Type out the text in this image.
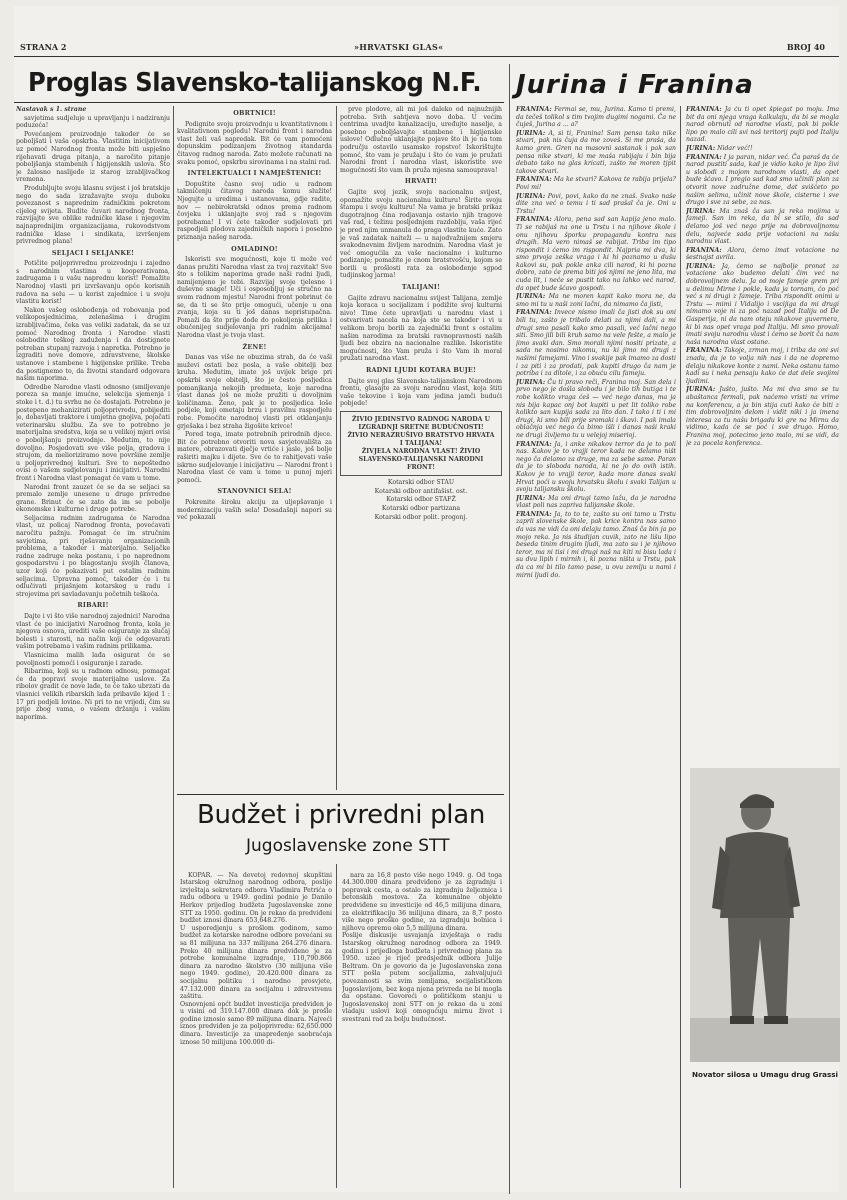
STRANA 2	»HRVATSKI GLAS«	BROJ 40
Proglas Slavensko-talijanskog N.F. Jurina i Franina

Nastavak s 1. strane

savjetima sudjeluje u upravljanju i nadziranju poduzeća!

Povećanjem proizvodnje također će se poboljšati i vaša opskrba. Vlastitim inicijativom uz pomoć Narodnog fronta može biti uspješno rijehavati druga pitanja, a naročito pitanje poboljšanja stambenih i higijenskih uslova. Što je žalosno naslijeđe iz starog izrabljivačkog vremena.

Produbljujte svoju klasnu svijest i još bratskije nego do sada izražavajte svoju duboku povezanost s naprednim radničkim pokretom cijelog svijeta. Budite čuvari narodnog fronta, razvijajte sve oblike radničke klase i njegovim najnaprednijim organizacijama, rukovodstvom radničke klase i sindikata, izvršenjem privrednog plana!

SELJACI I SELJANKE!

Potičite poljoprivrednu proizvodnju i zajedno s narodnim vlastima u kooperativama, zadrugama i u vašu naprednu korist! Pomažite Narodnoj vlasti pri izvršavanju opće korisnih radova na selu — u korist zajednice i u svoju vlastitu korist!

Nakon vašeg oslobođenja od robovanja pod velikoposjednicima, zelenašima i drugim izrabljivačima, čeka vas veliki zadatak, da se uz pomoć Narodnog fronta i Narodne vlasti oslobodite teškog zaduženja i da dostignete potreban stupanj razvoja i napretka. Potrebno je izgraditi nove domove, zdravstvene, školske ustanove i stambene i higijenske prilike. Treba da postignemo to, da životni standard odgovara našim naporima.

Odredbe Narodne vlasti odnosno (smiljevanje poreza sa manje imućne, selekcija sjemenja i stoke i t. d.) tu svrhu ne će dostajati. Potrebno je postepeno mehanizirati poljoprivredu, pobijediti je, dobavljati traktore i umjetna gnojiva, pojačati veterinarsku službu. Za sve to potrebno je materijalna sredstva, koja se u velikoj mjeri ovisi o poboljšanju proizvodnje. Međutim, to nije dovoljno. Posjedovati sve više polja, gradova i strujom, da melioriziramo nove površine zemlje u poljoprivrednoj kulturi. Sve to nepoštedno ovisi o vašem sudjelovanju i inicijativi. Narodni front i Narodna vlast pomagat će vam u tome.

Narodni front zauzet će se da se seljaci sa premalo zemlje unesene u druge privredne grane. Brinut će se zato da im se pobolje ekonomske i kulturne i druge potrebe.

Seljacima radnim zadrugama će Narodna vlast, uz policaj Narodnog fronta, povećavati naročitu pažnju. Pomagat će im stručnim savjetima, pri rješavanju organizacionih problema, a također i materijalno. Seljačke radne zadruge neka postanu, i po naprednom gospodarstvu i po blagostanju svojih članova, uzor koji će pokazivati put ostalim radnim seljacima. Upravna pomoć, također će i tu odlučivati prijašnjem kotarskog u radu i strojevima pri savladavanju početnih teškoća.

RIBARI!

Dajte i vi što više narodnoj zajednici! Narodna vlast će po inicijativi Narodnog fronta, kola je njegova osnova, urediti vaše osiguranje za slučaj bolesti i starosti, na način koji će odgovarati vašim potrebama i vašim radnim prilikama.

Vlasnicima malih lađa osigurat će se povoljnosti pomoći i osiguranje i zarade.

Ribarima, koji su u radnom odnosu, pomagat će da popravi svoje materijalne uslove. Za ribolov gradit će nove lađe, te će tako ubrzati da vlasnici velikih ribarskih lađa pribavile kijed 1 : 17 pri podjeli lovine. Ni pri to ne vrijedi, čim su prije zbog vama, o vašem držanju i vašim naporima.

OBRTNICI!

Podignite svoju proizvodnju u kvantitativnom i kvalitativnom pogledu! Narodni front i narodna vlast želi vaš napredak. Bit će vam pomoćeni dopunskim podizanjem životnog standarda čitavog radnog naroda. Zato možete računati na svaku pomoć, opskrbu sirovinama i na stalni rad.

INTELEKTUALCI I NAMJEŠTENICI!

Dopuštite časno svoj udio u radnom takmičenju čitavog naroda komu služite! Njegujte u uredima i ustanovama, gdje radite, nov — nebirokratski odnos prema radnom čovjeku i uklanjajte svoj rad s njegovim potrebama! I vi ćete također sudjelovati pri raspodjeli plodova zajedničkih napora i posebno priznanja našeg naroda.

OMLADINO!

Iskoristi sve mogućnosti, koje ti može već danas pružiti Narodna vlast za tvoj razvitak! Sve što s tolikim naporima grade naši radni ljudi, namijenjeno je tebi. Razvijaj svoje tjelesne i duševne snage! Uči i osposobljuj se stručno na svom radnom mjestu! Narodni front pobrinut će se, da ti se što prije omogući, učenje u ona zvanja, koja su ti još danas nepristupačna. Pomaži da što prije dođe do pokoljenja prilika i obučenijeg sudjelovanja pri radnim akcijama! Narodna vlast je tvoja vlast.

ŽENE!

Danas vas više ne obuzima strah, da će vaši muževi ostati bez posla, a vaše obitelji bez kruha. Međutim, imate još uvijek brige pri opskrbi svoje obitelji, što je često posljedica pomanjkanja nekojih predmeta, koje narodna vlast danas još ne može pružiti u dovoljnim količinama. Ženo, pak je to posljedica loše podjele, koji ometaju brzu i pravilnu raspodjelu robe. Pomoćite narodnoj vlasti pri otklanjanju grješaka i bez straha žigošite krivce!

Pored toga, imate potrebnih prirodnih djece. Bit će potrebno otvoriti nova savjetovališta za matere, obrazovati dječje vrtiće i jasle, još bolje raširiti majku i dijete. Sve će to rahitjevati vaše iskrno sudjelovanje i inicijativu — Narodni front i Narodna vlast će vam u tome u punoj mjeri pomoći.

STANOVNICI SELA!

Pokrenite široku akciju za uljepšavanje i modernizaciju vaših sela! Dosadašnji napori su već pokazali

prve plodove, ali mi još daleko od najnužnijih potreba. Svih sahtjeva novo doba. U većim centrima uvadjte kanalizaciju, uređujte naselje, a posebno poboljšavajte stambene i higijenske uslove! Odlučno uklanjajte pojave što ih je na tom području ostavilo usamsko ropstvo! Iskorištujte pomoć, što vam je pružaju i što će vam je pružati Narodni front i narodna vlast, iskoristite sve mogućnosti što vam ih pruža mjesna samouprava!

HRVATI!

Gajite svoj jezik, svoju nacionalnu svijest, opomažite svoju nacionalnu kulturu! Širite svoju štampu i svoju kulturu! Na vama je bratski prikaz dugotrajnog čina rodjavanja ostavio njih tragove vaš rad, i težinu posljednjem razdoblju, vaša rijeć je pred njim unmanula do praga vlastite kuće. Zato je vaš zadatak naiteži — u najodvažnijem smjeru svakodnevnim življem narodnim. Narodna vlast je već omogućila za vaše nacionalno i kulturno podizanje; pomažite je cnom bratstvošću, kojom se borili u prošlosti rata za oslobođenje sgpod tudjinskog jarma!

TALIJANI!

Gajite zdravu nacionalnu svijest Talijana, zemlje koja koraca u socijalizam i podižite svoj kulturni nivo! Time ćete upravljati u narodnu vlast i ostvarivati nacela na koja ste se takoder i vi u velikom broju borili za zajednički front s ostalim našim narodima za bratski ravnopravnosti naših ljudi bez obzira na nacionalne razlike. Iskoristite mogućnosti, što Vam pruža i što Vam ih moral pružati narodna vlast.

RADNI LJUDI KOTARA BUJE!

Dajte svoj glas Slavensko-talijanskom Narodnom frontu, glasajte za svoju narodnu vlast, koja štiti vaše tekovine i koja vam jedina jamči budući pobjede!

ŽIVIO JEDINSTVO RADNOG NARODA U IZGRADNJI SRETNE BUDUĆNOSTI!

ŽIVIO NERAZRUŠIVO BRATSTVO HRVATA I TALIJANA!

ŽIVJELA NARODNA VLAST! ŽIVIO SLAVENSKO-TALIJANSKI NARODNI FRONT!

Kotarski odbor STAU

Kotarski odbor antifašist. ost.

Kotarski odbor STAFŽ

Kotarski odbor partizana

Kotarski odbor polit. progonj.

Budžet i privredni plan
Jugoslavenske zone STT

KOPAR. — Na devetoj redovnoj skupštini Istarskog okružnog narodnog odbora, poslije izvještaja sekretara odbora Vladimira Petrića o radu odbora u 1949. godini podnio je Danilo Herkov prijedlog budžeta Jugoslavenske zone STT za 1950. godinu. On je rekao da predviđeni budžet iznosi dinara 653,648.276.
U usporedjenju s prošlom godinom, samo budžet za kotarske narodne odbore povećani su sa 81 milijuna na 337 milijuna 264.276 dinara. Preko 40 milijuna dinara predviđeno je za potrebe komunalne izgradnje, 110,790.866 dinara za narodno školstvo (30 milijuna više nego 1949. godine), 20.420.000 dinara za socijalnu politiku i narodno prosvjete, 47.132.000 dinara za socijalnu i zdravstvenu zaštitu.
Osnovnjeni općt budžet investicija predviđen je u visini od 319.147.000 dinara dok je prošle godine iznosio samo 89 milijuna dinara. Najveći iznos predviđen je za poljoprivredu: 62,650.000 dinara. Investicije za unapređenje saobraćaja iznose 50 milijuna 100.000 di-

nara za 16,8 posto više nego 1949. g. Od toga 44.300.000 dinara predviđeno je za izgradnju i popravak cesta, a ostalo za izgradnju željeznica i betonskih mostova. Za komunalne objekte predviđene su investicije od 46,5 milijuna dinara, za elektrifikaciju 36 milijuna dinara, za 8,7 posto više nego proško godine, za izgradnju bolnica i njihovu opremu oko 5,5 milijuna dinara.
Poslije diskusije usvajanja izvještaja o radu Istarskog okružnog narodnog odbora za 1949. godinu i prijedloga budžeta i privrednog plana za 1950. uzeo je riječ predsjednik odbora Julije Beltram. On je govorio da je Jugoslavenska zona STT pošla putem socijalizma, zahvaljujući povezanosti sa svim zemljama, socijalističkom Jugoslavijom, bez koga njena privreda ne bi mogla da opstane. Govoreći o političkom stanju u Jugoslavenskoj zoni STT on je rekao da u zoni vladaju uslovi koji omogućuju mirnu život i svestrani rad za bolju budućnost.

FRANINA: Fermai se, mu, Jurina. Kamo ti premi, da tečeš tolikol s tim tvojim dugimi nogami. Ča ne čuješ, Jurina a ... a?

JURINA: A, si ti, Franina! Sam pensa tako nike stvari, pak nis čuja da me zoveš. Si me praša, da kamo gren. Gren na masovni sastanak i pak san pensa nike stvari, ki me maša rabijaju i bin bija debato tako na glas kricati, zašto ne moren tjpit takove stvari.

FRANINA: Ma ke stvari? Kakova te rabija prijela? Povi mi!

JURINA: Povi, povi, kako da ne znaš. Svako naše dite zna već o temu i ti sad prašal ča je. Oni u Trstu!

FRANINA: Alora, pena sad san kapija jeno malo. Ti se rabijaš na one u Trstu i na njihove škole i onu njihovu šporku propagandu kontra nas drugih. Ma vero nimaš se rabijat. Triba im tipo rispondit i ćemo im rispondit. Najpria mi dva, ki smo prvoja zeška vraga i ki hi poznamo u dušu kakovi su, pak pokle anka cili narod, ki hi pozna dobro, zato će prema biti još njimi ne jeno lita, ma cuda lit, i neće se pustit tako na lahko već narod, da opet bude šćavo gospodi.

JURINA: Ma ne moren kapit kako mora ne, da smo mi tu u naši zoni lačni, da nimamo ča jisti,

FRANINA: Invece nismo imali ča jisti dok su oni bili tu, zašto je tribalo delati za njimi dali, a mi drugi smo pasali kako smo pasali, već lačni nego siti. Smo jili bili kruh samo na vele fešte, a malo je jimo svaki dan. Smo morali njimi nositi prizate, a sada ne nosimo nikomu, nu ki jimo mi drugi z našimi famejami. Vino i svakije pak imamo za dosti i za piti i za prodati, pak kupiti drugo ča nam je potriba i za ditole, i za obuću cilu fameju.

JURINA: Ču ti pravo reči, Franina moj. San dela i prvo nego je došla slobodu i je bilo tih butiga i te robe kolikto vraga ćeš — već nego danas, ma ja nis bija kapac onj bot kupiti u pet lit toliko robe kolikto san kupija sada za lito dan. I tako i ti i mi drugi, ki smo bili prije sromaki i škavi. I pak imala oblačnja već nego ča bimo išli i danas naši kraki ne drugi življemo tu u velejoj miserioj.

FRANINA: Ja, i anke nikakov terror da je to poli nas. Kakov je to vrajji teror kada ne delamo ništ nego ča delamo za druge, ma za sebe same. Paran da je to sloboda naroda, ki ne jo do ovih istih. Kakov je to vrajji teror, kada more danas svaki Hrvat poći u svoju hrvatsku školu i svaki Talijan u svoju talijansku školu.

JURINA: Ma oni drugi tamo lažu, da je narodna vlast poli nas zapriva talijanske škole.

FRANINA: Ja, to to te, zašto su oni tamo u Trstu zaprli slovenske škole, pak krice kontra nas samo da vas ne vidi ča oni delaju tamo. Znaš ča bin ja po mojo reka. Ja nis študijan cuvik, zato ne lišu lipo beseda tinim drugim ljudi, ma zato su i je njihovo teror, ma ni tisi i mi drugi naš na kiti ni bisu lada i su dvu lipih i mirnih i, ki pozna ništa u Trstu, pak da ca mi bi tilo tamo pase, u ovu zemlju u nami i mirni ljudi do.

FRANINA: Ja ću ti opet špiegat po moju. Ima bit da oni njega vraga kalkulaju, da bi se mogla narod obrnuti od narodne vlasti, pak bi pokle lipo po malo cili svi naš teritorij pujti pod Italiju nazad.

JURINA: Nidar već!!

FRANINA: I ja paran, nidar već. Ča paraš da će narod pustiti sada, kad je vidio kako je lipo živi u slobodi z mojom narodnom vlasti, da opet bude šćavo. I pregio sad kad smo učinili plan za otvorit nove zadružne dome, dat svišćeto po našim selima, učinit nove škole, cisterne i sve drugo i sve za sebe, za nas.

JURINA: Ma znaš ča san ja reka mojima u fameji. San im reka, da bi se stilo, da sad delamo još već nego prije na dobrovoljnomu delu, najveće sada prije votacioni na našu narodnu vlast.

FRANINA: Alora, ćemo imat votacione na šestnajst avrila.

JURINA: Ja, ćemo se najbolje pronat za votacione ako budemo delati čim već na dobrovoljnem delu. Ja od moje fameje grem pri u delimu Mirne i pokle, kada ja tornam, ćo poć već s ni drugi z fameje. Triba rispondit onimi u Trstu — mimi i Vidalijo i vscijiga da mi drugi nimamo voje ni za poć nazad pod Italiju od De Gasperija, ni da nam oteju nikakove guvernera, ki bi nas opet vraga pod Italiju. Mi smo provali imati svoju narodnu vlast i ćemo se borit ča nam naša narodna vlast ostane.

FRANINA: Takoje, zrman moj, i triba da oni svi znadu, da je to volja nih nas i da ne dopremo delaju nikakove konte z nami. Neka ostanu tamo kadi su i neka pensaju kako će dat dele svojimi ljudimi.

JURINA: Jušto, jušto. Ma mi dva smo se tu abaštanca fermali, pak naćemo vristi na vrime na konferencu, a ja bin stija cuti kako će biti z tim dobrovoljnim delom i vidit niki i ja imena interesa za tu našu brigadu ki gre na Mirnu da vidimo, kada će se poć i sve drugo. Homo, Franina moj, potecimo jeno malo, mi se vidi, da je za pocela konferenca.

Novator silosa u Umagu drug Grassi
